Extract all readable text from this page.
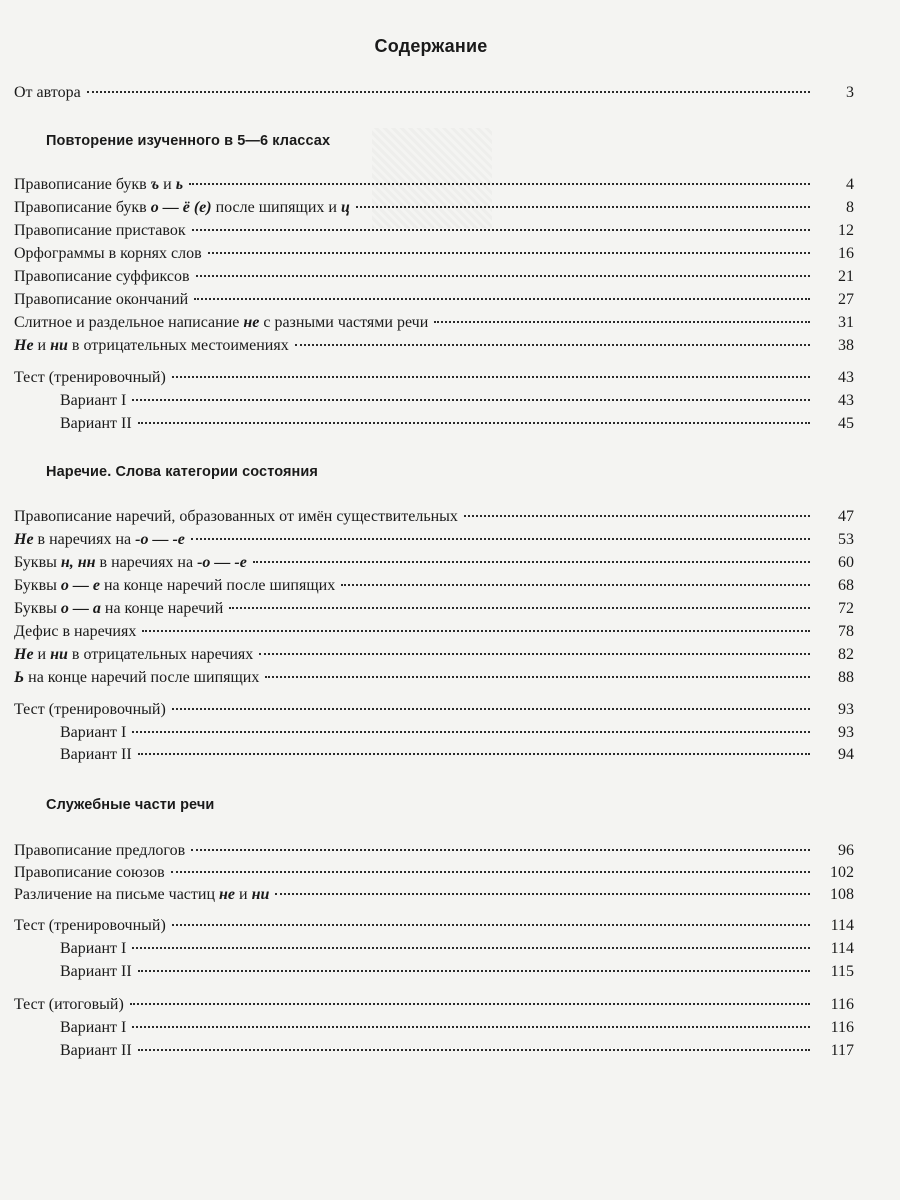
Содержание
От автора	3
Повторение изученного в 5—6 классах
Правописание букв ъ и ь	4
Правописание букв о — ё (е) после шипящих и ц	8
Правописание приставок	12
Орфограммы в корнях слов	16
Правописание суффиксов	21
Правописание окончаний	27
Слитное и раздельное написание не с разными частями речи	31
Не и ни в отрицательных местоимениях	38
Тест (тренировочный)	43
Вариант I	43
Вариант II	45
Наречие. Слова категории состояния
Правописание наречий, образованных от имён существительных	47
Не в наречиях на -о — -е	53
Буквы н, нн в наречиях на -о — -е	60
Буквы о — е на конце наречий после шипящих	68
Буквы о — а на конце наречий	72
Дефис в наречиях	78
Не и ни в отрицательных наречиях	82
Ь на конце наречий после шипящих	88
Тест (тренировочный)	93
Вариант I	93
Вариант II	94
Служебные части речи
Правописание предлогов	96
Правописание союзов	102
Различение на письме частиц не и ни	108
Тест (тренировочный)	114
Вариант I	114
Вариант II	115
Тест (итоговый)	116
Вариант I	116
Вариант II	117
